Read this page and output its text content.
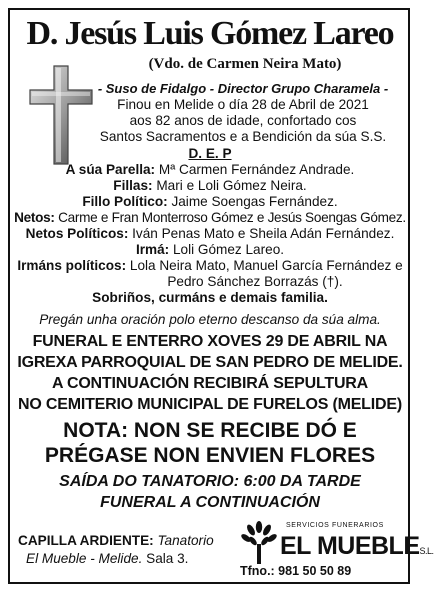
D. Jesús Luis Gómez Lareo
(Vdo. de Carmen Neira Mato)
- Suso de Fidalgo - Director Grupo Charamela -
Finou en Melide o día 28 de Abril de 2021
aos 82 anos de idade, confortado cos
Santos Sacramentos e a Bendición da súa S.S.
D. E. P
A súa Parella: Mª Carmen Fernández Andrade.
Fillas: Mari e Loli Gómez Neira.
Fillo Político: Jaime Soengas Fernández.
Netos: Carme e Fran Monterroso Gómez e Jesús Soengas Gómez.
Netos Políticos: Iván Penas Mato e Sheila Adán Fernández.
Irmá: Loli Gómez Lareo.
Irmáns políticos: Lola Neira Mato, Manuel García Fernández e
Pedro Sánchez Borrazás (†).
Sobriños, curmáns e demais familia.
Pregán unha oración polo eterno descanso da súa alma.
FUNERAL E ENTERRO XOVES 29 DE ABRIL NA
IGREXA PARROQUIAL DE SAN PEDRO DE MELIDE.
A CONTINUACIÓN RECIBIRÁ SEPULTURA
NO CEMITERIO MUNICIPAL DE FURELOS (MELIDE)
NOTA: NON SE RECIBE DÓ E
PRÉGASE NON ENVIEN FLORES
SAÍDA DO TANATORIO: 6:00 DA TARDE
FUNERAL A CONTINUACIÓN
CAPILLA ARDIENTE: Tanatorio
El Mueble - Melide. Sala 3.
SERVICIOS FUNERARIOS
EL MUEBLES.L.
Tfno.: 981 50 50 89
